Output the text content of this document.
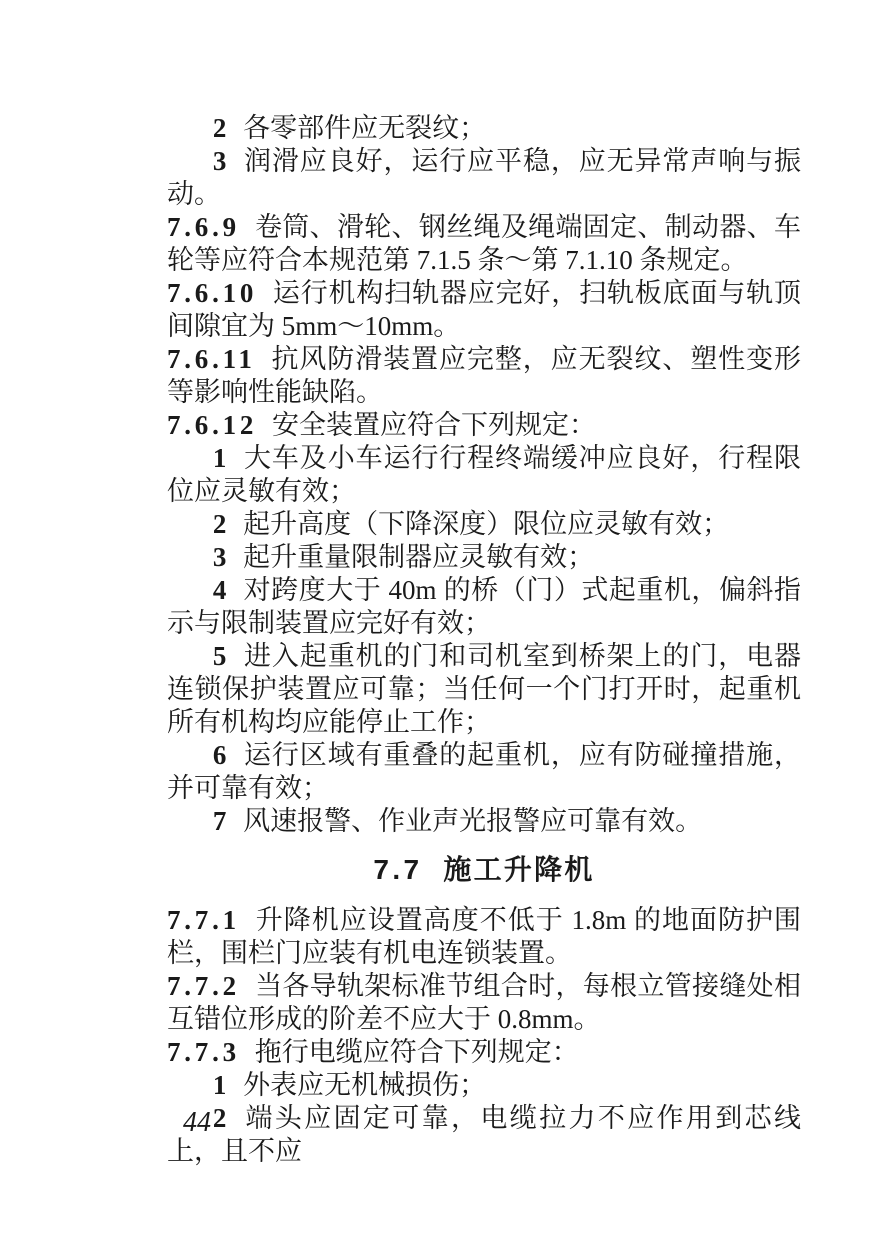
2 各零部件应无裂纹；

3 润滑应良好，运行应平稳，应无异常声响与振动。

7.6.9 卷筒、滑轮、钢丝绳及绳端固定、制动器、车轮等应符合本规范第 7.1.5 条～第 7.1.10 条规定。

7.6.10 运行机构扫轨器应完好，扫轨板底面与轨顶间隙宜为 5mm～10mm。

7.6.11 抗风防滑装置应完整，应无裂纹、塑性变形等影响性能缺陷。

7.6.12 安全装置应符合下列规定：

1 大车及小车运行行程终端缓冲应良好，行程限位应灵敏有效；

2 起升高度（下降深度）限位应灵敏有效；

3 起升重量限制器应灵敏有效；

4 对跨度大于 40m 的桥（门）式起重机，偏斜指示与限制装置应完好有效；

5 进入起重机的门和司机室到桥架上的门，电器连锁保护装置应可靠；当任何一个门打开时，起重机所有机构均应能停止工作；

6 运行区域有重叠的起重机，应有防碰撞措施，并可靠有效；

7 风速报警、作业声光报警应可靠有效。

7.7 施工升降机

7.7.1 升降机应设置高度不低于 1.8m 的地面防护围栏，围栏门应装有机电连锁装置。

7.7.2 当各导轨架标准节组合时，每根立管接缝处相互错位形成的阶差不应大于 0.8mm。

7.7.3 拖行电缆应符合下列规定：

1 外表应无机械损伤；

2 端头应固定可靠，电缆拉力不应作用到芯线上，且不应

44
